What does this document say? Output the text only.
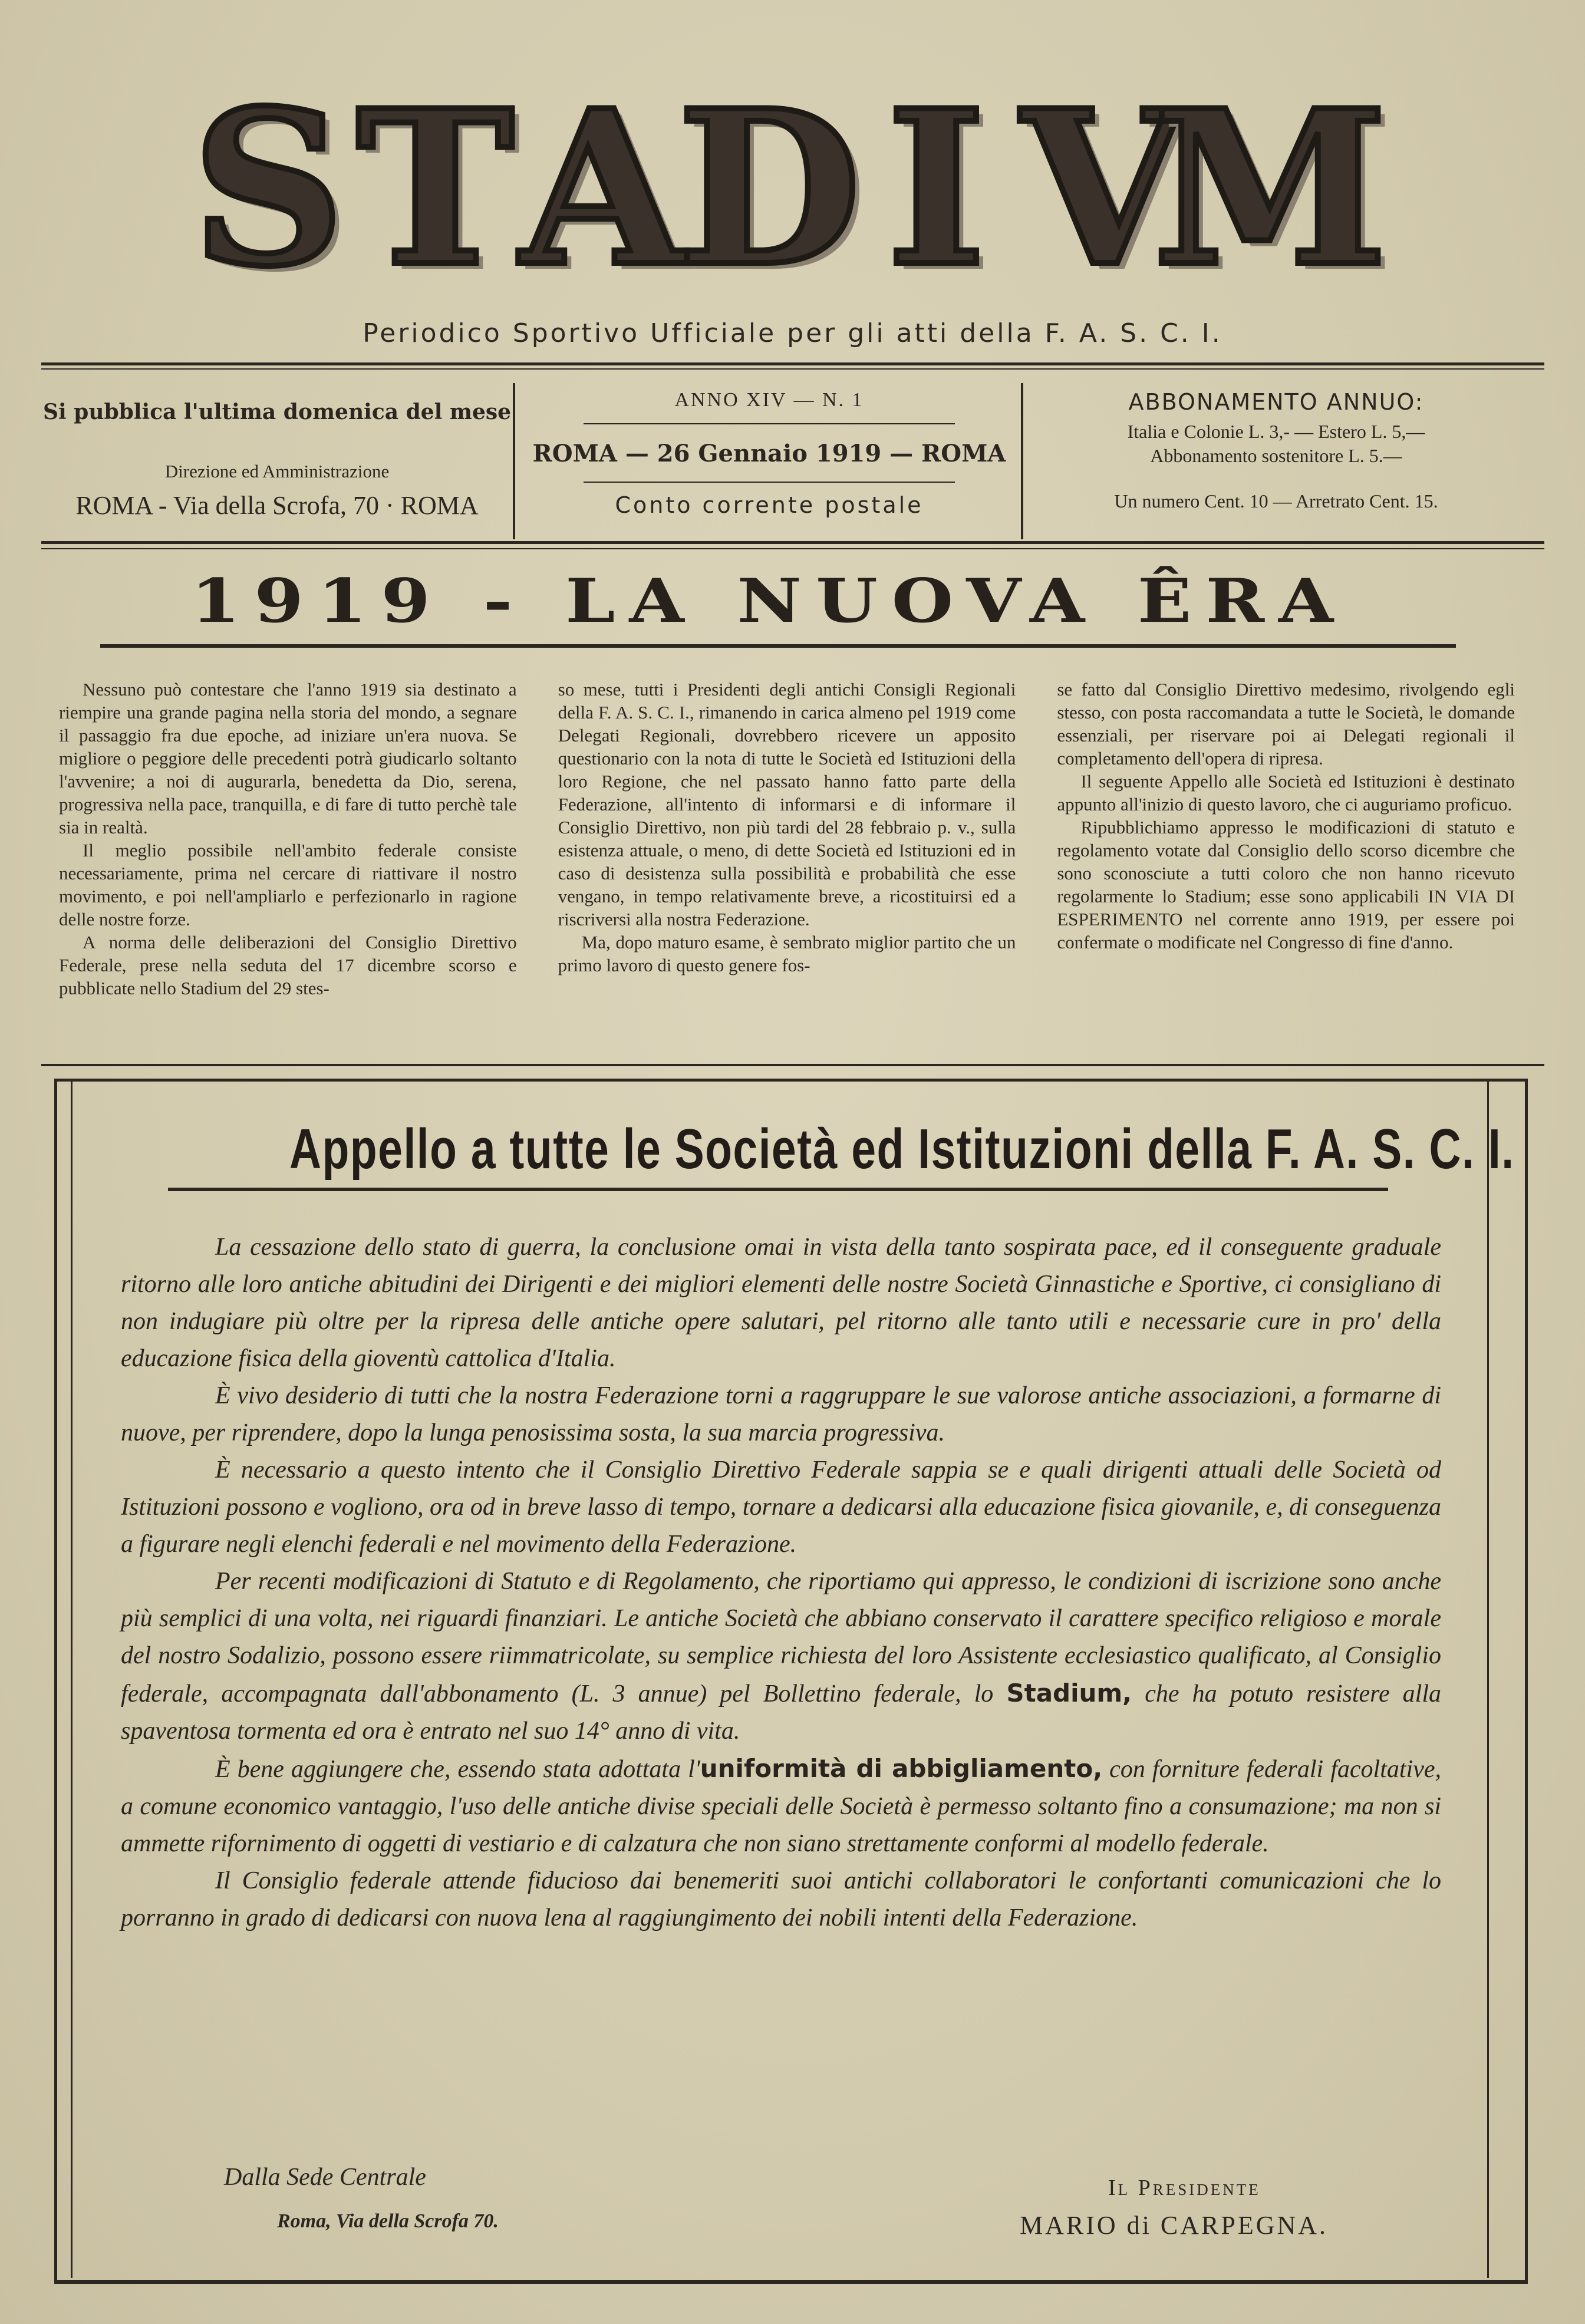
S T A
D I V
M
Periodico Sportivo Ufficiale per gli atti della F. A. S. C. I.

Si pubblica l'ultima domenica del mese

Direzione ed Amministrazione

ROMA - Via della Scrofa, 70 · ROMA

ANNO XIV — N. 1

ROMA — 26 Gennaio 1919 — ROMA

Conto corrente postale

ABBONAMENTO ANNUO:

Italia e Colonie L. 3,- — Estero L. 5,—

Abbonamento sostenitore L. 5.—

Un numero Cent. 10 — Arretrato Cent. 15.

1919 - LA NUOVA ÊRA

Nessuno può contestare che l'anno 1919 sia destinato a riempire una grande pagina nella storia del mondo, a segnare il passaggio fra due epoche, ad iniziare un'era nuova. Se migliore o peggiore delle precedenti potrà giudicarlo soltanto l'avvenire; a noi di augurarla, benedetta da Dio, serena, progressiva nella pace, tranquilla, e di fare di tutto perchè tale sia in realtà.

Il meglio possibile nell'ambito federale consiste necessariamente, prima nel cercare di riattivare il nostro movimento, e poi nell'ampliarlo e perfezionarlo in ragione delle nostre forze.

A norma delle deliberazioni del Consiglio Direttivo Federale, prese nella seduta del 17 dicembre scorso e pubblicate nello Stadium del 29 stes-

so mese, tutti i Presidenti degli antichi Consigli Regionali della F. A. S. C. I., rimanendo in carica almeno pel 1919 come Delegati Regionali, dovrebbero ricevere un apposito questionario con la nota di tutte le Società ed Istituzioni della loro Regione, che nel passato hanno fatto parte della Federazione, all'intento di informarsi e di informare il Consiglio Direttivo, non più tardi del 28 febbraio p. v., sulla esistenza attuale, o meno, di dette Società ed Istituzioni ed in caso di desistenza sulla possibilità e probabilità che esse vengano, in tempo relativamente breve, a ricostituirsi ed a riscriversi alla nostra Federazione.

Ma, dopo maturo esame, è sembrato miglior partito che un primo lavoro di questo genere fos-

se fatto dal Consiglio Direttivo medesimo, rivolgendo egli stesso, con posta raccomandata a tutte le Società, le domande essenziali, per riservare poi ai Delegati regionali il completamento dell'opera di ripresa.

Il seguente Appello alle Società ed Istituzioni è destinato appunto all'inizio di questo lavoro, che ci auguriamo proficuo.

Ripubblichiamo appresso le modificazioni di statuto e regolamento votate dal Consiglio dello scorso dicembre che sono sconosciute a tutti coloro che non hanno ricevuto regolarmente lo Stadium; esse sono applicabili IN VIA DI ESPERIMENTO nel corrente anno 1919, per essere poi confermate o modificate nel Congresso di fine d'anno.

Appello a tutte le Società ed Istituzioni della F. A. S. C. I.

La cessazione dello stato di guerra, la conclusione omai in vista della tanto sospirata pace, ed il conseguente graduale ritorno alle loro antiche abitudini dei Dirigenti e dei migliori elementi delle nostre Società Ginnastiche e Sportive, ci consigliano di non indugiare più oltre per la ripresa delle antiche opere salutari, pel ritorno alle tanto utili e necessarie cure in pro' della educazione fisica della gioventù cattolica d'Italia.

È vivo desiderio di tutti che la nostra Federazione torni a raggruppare le sue valorose antiche associazioni, a formarne di nuove, per riprendere, dopo la lunga penosissima sosta, la sua marcia progressiva.

È necessario a questo intento che il Consiglio Direttivo Federale sappia se e quali dirigenti attuali delle Società od Istituzioni possono e vogliono, ora od in breve lasso di tempo, tornare a dedicarsi alla educazione fisica giovanile, e, di conseguenza a figurare negli elenchi federali e nel movimento della Federazione.

Per recenti modificazioni di Statuto e di Regolamento, che riportiamo qui appresso, le condizioni di iscrizione sono anche più semplici di una volta, nei riguardi finanziari. Le antiche Società che abbiano conservato il carattere specifico religioso e morale del nostro Sodalizio, possono essere riimmatricolate, su semplice richiesta del loro Assistente ecclesiastico qualificato, al Consiglio federale, accompagnata dall'abbonamento (L. 3 annue) pel Bollettino federale, lo Stadium, che ha potuto resistere alla spaventosa tormenta ed ora è entrato nel suo 14° anno di vita.

È bene aggiungere che, essendo stata adottata l'uniformità di abbigliamento, con forniture federali facoltative, a comune economico vantaggio, l'uso delle antiche divise speciali delle Società è permesso soltanto fino a consumazione; ma non si ammette rifornimento di oggetti di vestiario e di calzatura che non siano strettamente conformi al modello federale.

Il Consiglio federale attende fiducioso dai benemeriti suoi antichi collaboratori le confortanti comunicazioni che lo porranno in grado di dedicarsi con nuova lena al raggiungimento dei nobili intenti della Federazione.

Dalla Sede Centrale
Roma, Via della Scrofa 70.
Il Presidente
MARIO di CARPEGNA.
